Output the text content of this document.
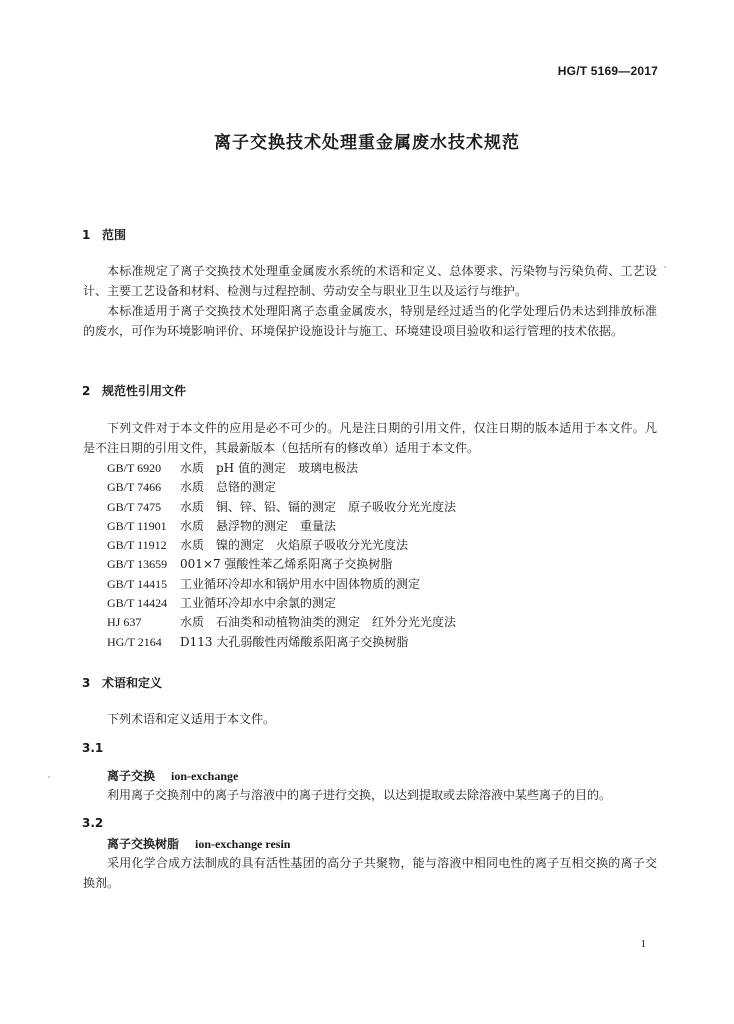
HG/T 5169—2017
离子交换技术处理重金属废水技术规范
1 范围
本标准规定了离子交换技术处理重金属废水系统的术语和定义、总体要求、污染物与污染负荷、工艺设计、主要工艺设备和材料、检测与过程控制、劳动安全与职业卫生以及运行与维护。
本标准适用于离子交换技术处理阳离子态重金属废水，特别是经过适当的化学处理后仍未达到排放标准的废水，可作为环境影响评价、环境保护设施设计与施工、环境建设项目验收和运行管理的技术依据。
2 规范性引用文件
下列文件对于本文件的应用是必不可少的。凡是注日期的引用文件，仅注日期的版本适用于本文件。凡是不注日期的引用文件，其最新版本（包括所有的修改单）适用于本文件。
GB/T 6920 水质　pH 值的测定　玻璃电极法
GB/T 7466 水质　总铬的测定
GB/T 7475 水质　铜、锌、铅、镉的测定　原子吸收分光光度法
GB/T 11901 水质　悬浮物的测定　重量法
GB/T 11912 水质　镍的测定　火焰原子吸收分光光度法
GB/T 13659 001×7 强酸性苯乙烯系阳离子交换树脂
GB/T 14415 工业循环冷却水和锅炉用水中固体物质的测定
GB/T 14424 工业循环冷却水中余氯的测定
HJ 637	水质　石油类和动植物油类的测定　红外分光光度法
HG/T 2164 D113 大孔弱酸性丙烯酸系阳离子交换树脂
3 术语和定义
下列术语和定义适用于本文件。
3.1
离子交换 ion-exchange
利用离子交换剂中的离子与溶液中的离子进行交换，以达到提取或去除溶液中某些离子的目的。
3.2
离子交换树脂 ion-exchange resin
采用化学合成方法制成的具有活性基团的高分子共聚物，能与溶液中相同电性的离子互相交换的离子交换剂。
1
